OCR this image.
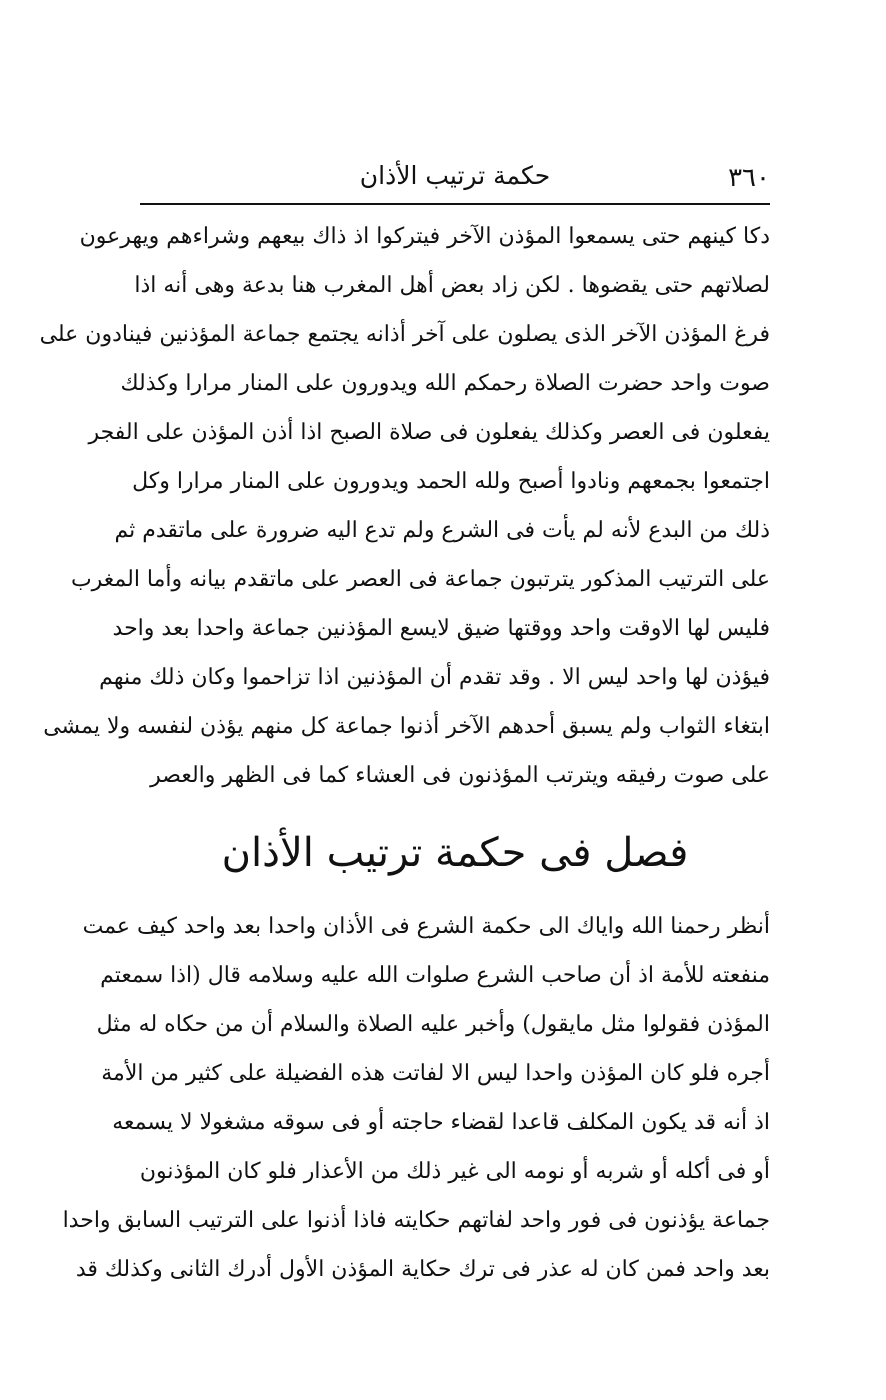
٣٦٠
حكمة ترتيب الأذان
دكا كينهم حتى يسمعوا المؤذن الآخر فيتركوا اذ ذاك بيعهم وشراءهم ويهرعون
لصلاتهم حتى يقضوها . لكن زاد بعض أهل المغرب هنا بدعة وهى أنه اذا
فرغ المؤذن الآخر الذى يصلون على آخر أذانه يجتمع جماعة المؤذنين فينادون على
صوت واحد حضرت الصلاة رحمكم الله ويدورون على المنار مرارا وكذلك
يفعلون فى العصر وكذلك يفعلون فى صلاة الصبح اذا أذن المؤذن على الفجر
اجتمعوا بجمعهم ونادوا أصبح ولله الحمد ويدورون على المنار مرارا وكل
ذلك من البدع لأنه لم يأت فى الشرع ولم تدع اليه ضرورة على ماتقدم ثم
على الترتيب المذكور يترتبون جماعة فى العصر على ماتقدم بيانه وأما المغرب
فليس لها الاوقت واحد ووقتها ضيق لايسع المؤذنين جماعة واحدا بعد واحد
فيؤذن لها واحد ليس الا . وقد تقدم أن المؤذنين اذا تزاحموا وكان ذلك منهم
ابتغاء الثواب ولم يسبق أحدهم الآخر أذنوا جماعة كل منهم يؤذن لنفسه ولا يمشى
على صوت رفيقه ويترتب المؤذنون فى العشاء كما فى الظهر والعصر
فصل فى حكمة ترتيب الأذان
أنظر رحمنا الله واياك الى حكمة الشرع فى الأذان واحدا بعد واحد كيف عمت
منفعته للأمة اذ أن صاحب الشرع صلوات الله عليه وسلامه قال (اذا سمعتم
المؤذن فقولوا مثل مايقول) وأخبر عليه الصلاة والسلام أن من حكاه له مثل
أجره فلو كان المؤذن واحدا ليس الا لفاتت هذه الفضيلة على كثير من الأمة
اذ أنه قد يكون المكلف قاعدا لقضاء حاجته أو فى سوقه مشغولا لا يسمعه
أو فى أكله أو شربه أو نومه الى غير ذلك من الأعذار فلو كان المؤذنون
جماعة يؤذنون فى فور واحد لفاتهم حكايته فاذا أذنوا على الترتيب السابق واحدا
بعد واحد فمن كان له عذر فى ترك حكاية المؤذن الأول أدرك الثانى وكذلك قد
